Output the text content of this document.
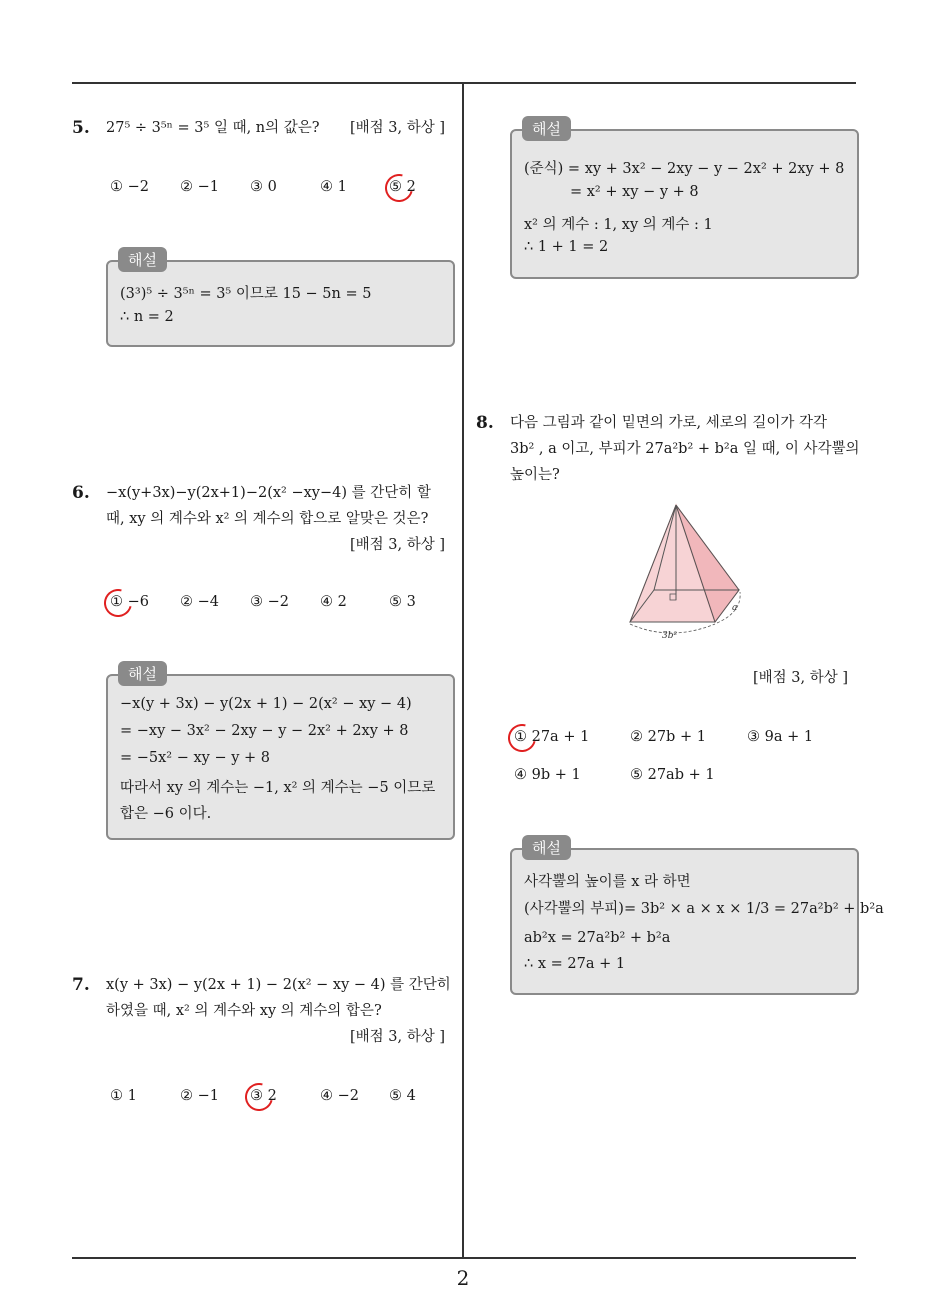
5. 27⁵ ÷ 3⁵ⁿ = 3⁵ 일 때, n의 값은? [배점 3, 하상 ]
① −2 ② −1 ③ 0	④ 1	⑤ 2
(3³)⁵ ÷ 3⁵ⁿ = 3⁵ 이므로 15 − 5n = 5
∴ n = 2
해설
6. −x(y+3x)−y(2x+1)−2(x² −xy−4) 를 간단히 할
때, xy 의 계수와 x² 의 계수의 합으로 알맞은 것은?
[배점 3, 하상 ]
① −6 ② −4 ③ −2 ④ 2	⑤ 3
−x(y + 3x) − y(2x + 1) − 2(x² − xy − 4)
= −xy − 3x² − 2xy − y − 2x² + 2xy + 8
= −5x² − xy − y + 8
따라서 xy 의 계수는 −1, x² 의 계수는 −5 이므로
합은 −6 이다.
해설
7. x(y + 3x) − y(2x + 1) − 2(x² − xy − 4) 를 간단히
하였을 때, x² 의 계수와 xy 의 계수의 합은?
[배점 3, 하상 ]
① 1	② −1 ③ 2	④ −2 ⑤ 4
(준식) = xy + 3x² − 2xy − y − 2x² + 2xy + 8
= x² + xy − y + 8
x² 의 계수 : 1, xy 의 계수 : 1
∴ 1 + 1 = 2
해설
8. 다음 그림과 같이 밑면의 가로, 세로의 길이가 각각
3b² , a 이고, 부피가 27a²b² + b²a 일 때, 이 사각뿔의
높이는?
3b²
a
[배점 3, 하상 ]
① 27a + 1	② 27b + 1	③ 9a + 1
④ 9b + 1	⑤ 27ab + 1
사각뿔의 높이를 x 라 하면
(사각뿔의 부피)= 3b² × a × x × 1/3 = 27a²b² + b²a
ab²x = 27a²b² + b²a
∴ x = 27a + 1
해설
2
